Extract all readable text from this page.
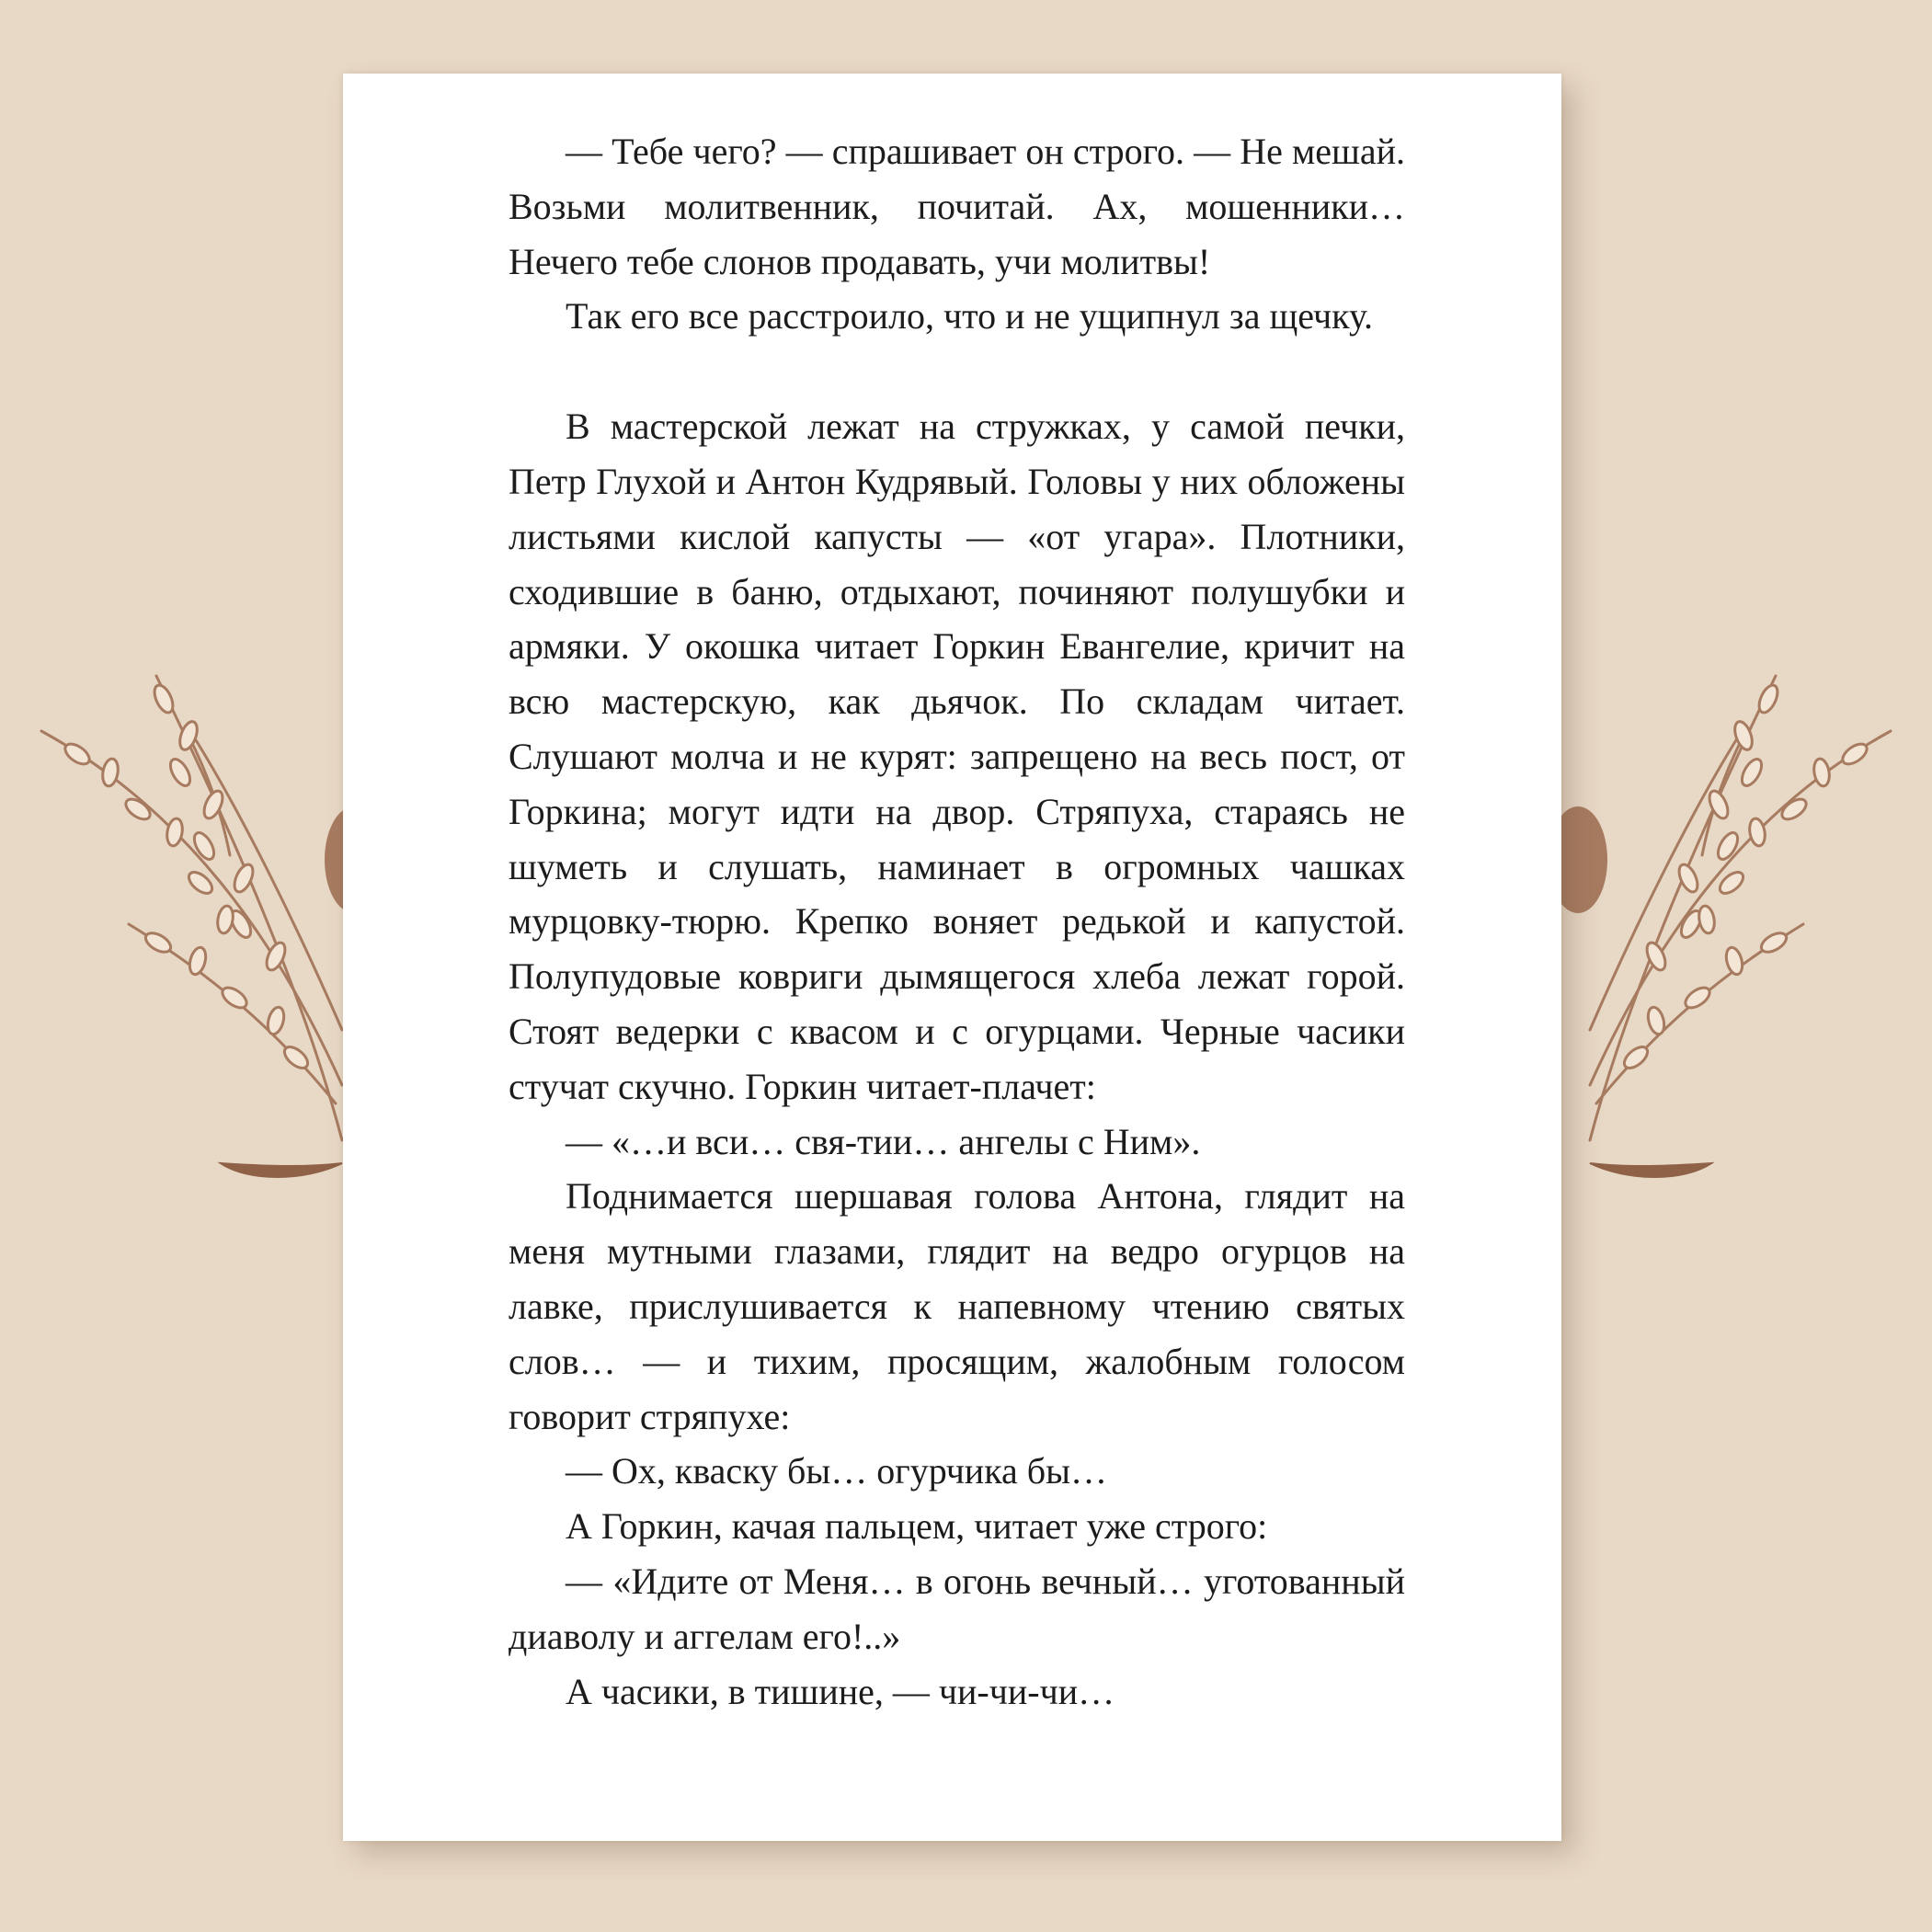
— Тебе чего? — спрашивает он строго. — Не мешай. Возьми молитвенник, почитай. Ах, мошенники… Нечего тебе слонов продавать, учи молитвы!

Так его все расстроило, что и не ущипнул за щечку.

В мастерской лежат на стружках, у самой печки, Петр Глухой и Антон Кудрявый. Головы у них обложены листьями кислой капусты — «от угара». Плотники, сходившие в баню, отдыхают, починяют полушубки и армяки. У окошка читает Горкин Евангелие, кричит на всю мастерскую, как дьячок. По складам читает. Слушают молча и не курят: запрещено на весь пост, от Горкина; могут идти на двор. Стряпуха, стараясь не шуметь и слушать, наминает в огромных чашках мурцовку-тюрю. Крепко воняет редькой и капустой. Полупудовые ковриги дымящегося хлеба лежат горой. Стоят ведерки с квасом и с огурцами. Черные часики стучат скучно. Горкин читает-плачет:

— «…и вси… свя-тии… ангелы с Ним».

Поднимается шершавая голова Антона, глядит на меня мутными глазами, глядит на ведро огурцов на лавке, прислушивается к напевному чтению святых слов… — и тихим, просящим, жалобным голосом говорит стряпухе:

— Ох, кваску бы… огурчика бы…

А Горкин, качая пальцем, читает уже строго:

— «Идите от Меня… в огонь вечный… уготованный диаволу и аггелам его!..»

А часики, в тишине, — чи-чи-чи…
